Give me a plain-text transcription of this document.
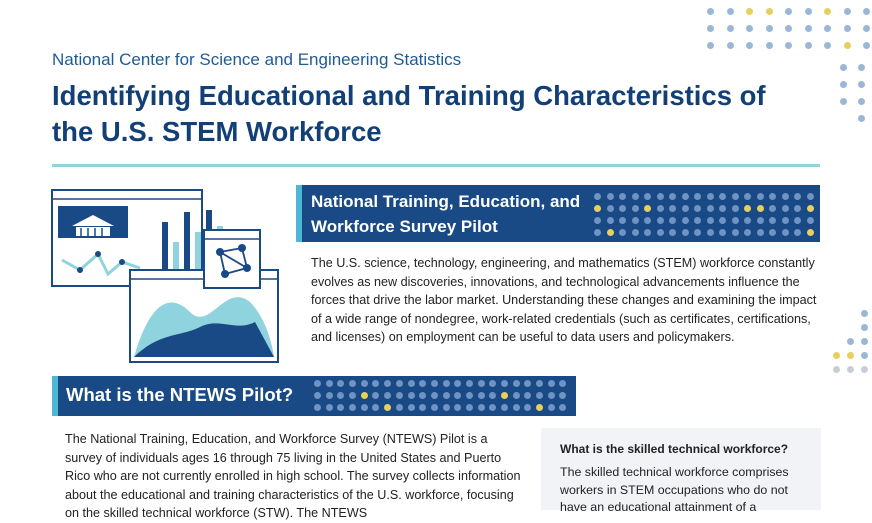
National Center for Science and Engineering Statistics
Identifying Educational and Training Characteristics of the U.S. STEM Workforce
National Training, Education, and Workforce Survey Pilot

The U.S. science, technology, engineering, and mathematics (STEM) workforce constantly evolves as new discoveries, innovations, and technological advancements influence the forces that drive the labor market. Understanding these changes and examining the impact of a wide range of nondegree, work-related credentials (such as certificates, certifications, and licenses) on employment can be useful to data users and policymakers.

What is the NTEWS Pilot?

The National Training, Education, and Workforce Survey (NTEWS) Pilot is a survey of individuals ages 16 through 75 living in the United States and Puerto Rico who are not currently enrolled in high school. The survey collects information about the educational and training characteristics of the U.S. workforce, focusing on the skilled technical workforce (STW). The NTEWS

What is the skilled technical workforce?
The skilled technical workforce comprises workers in STEM occupations who do not have an educational attainment of a
